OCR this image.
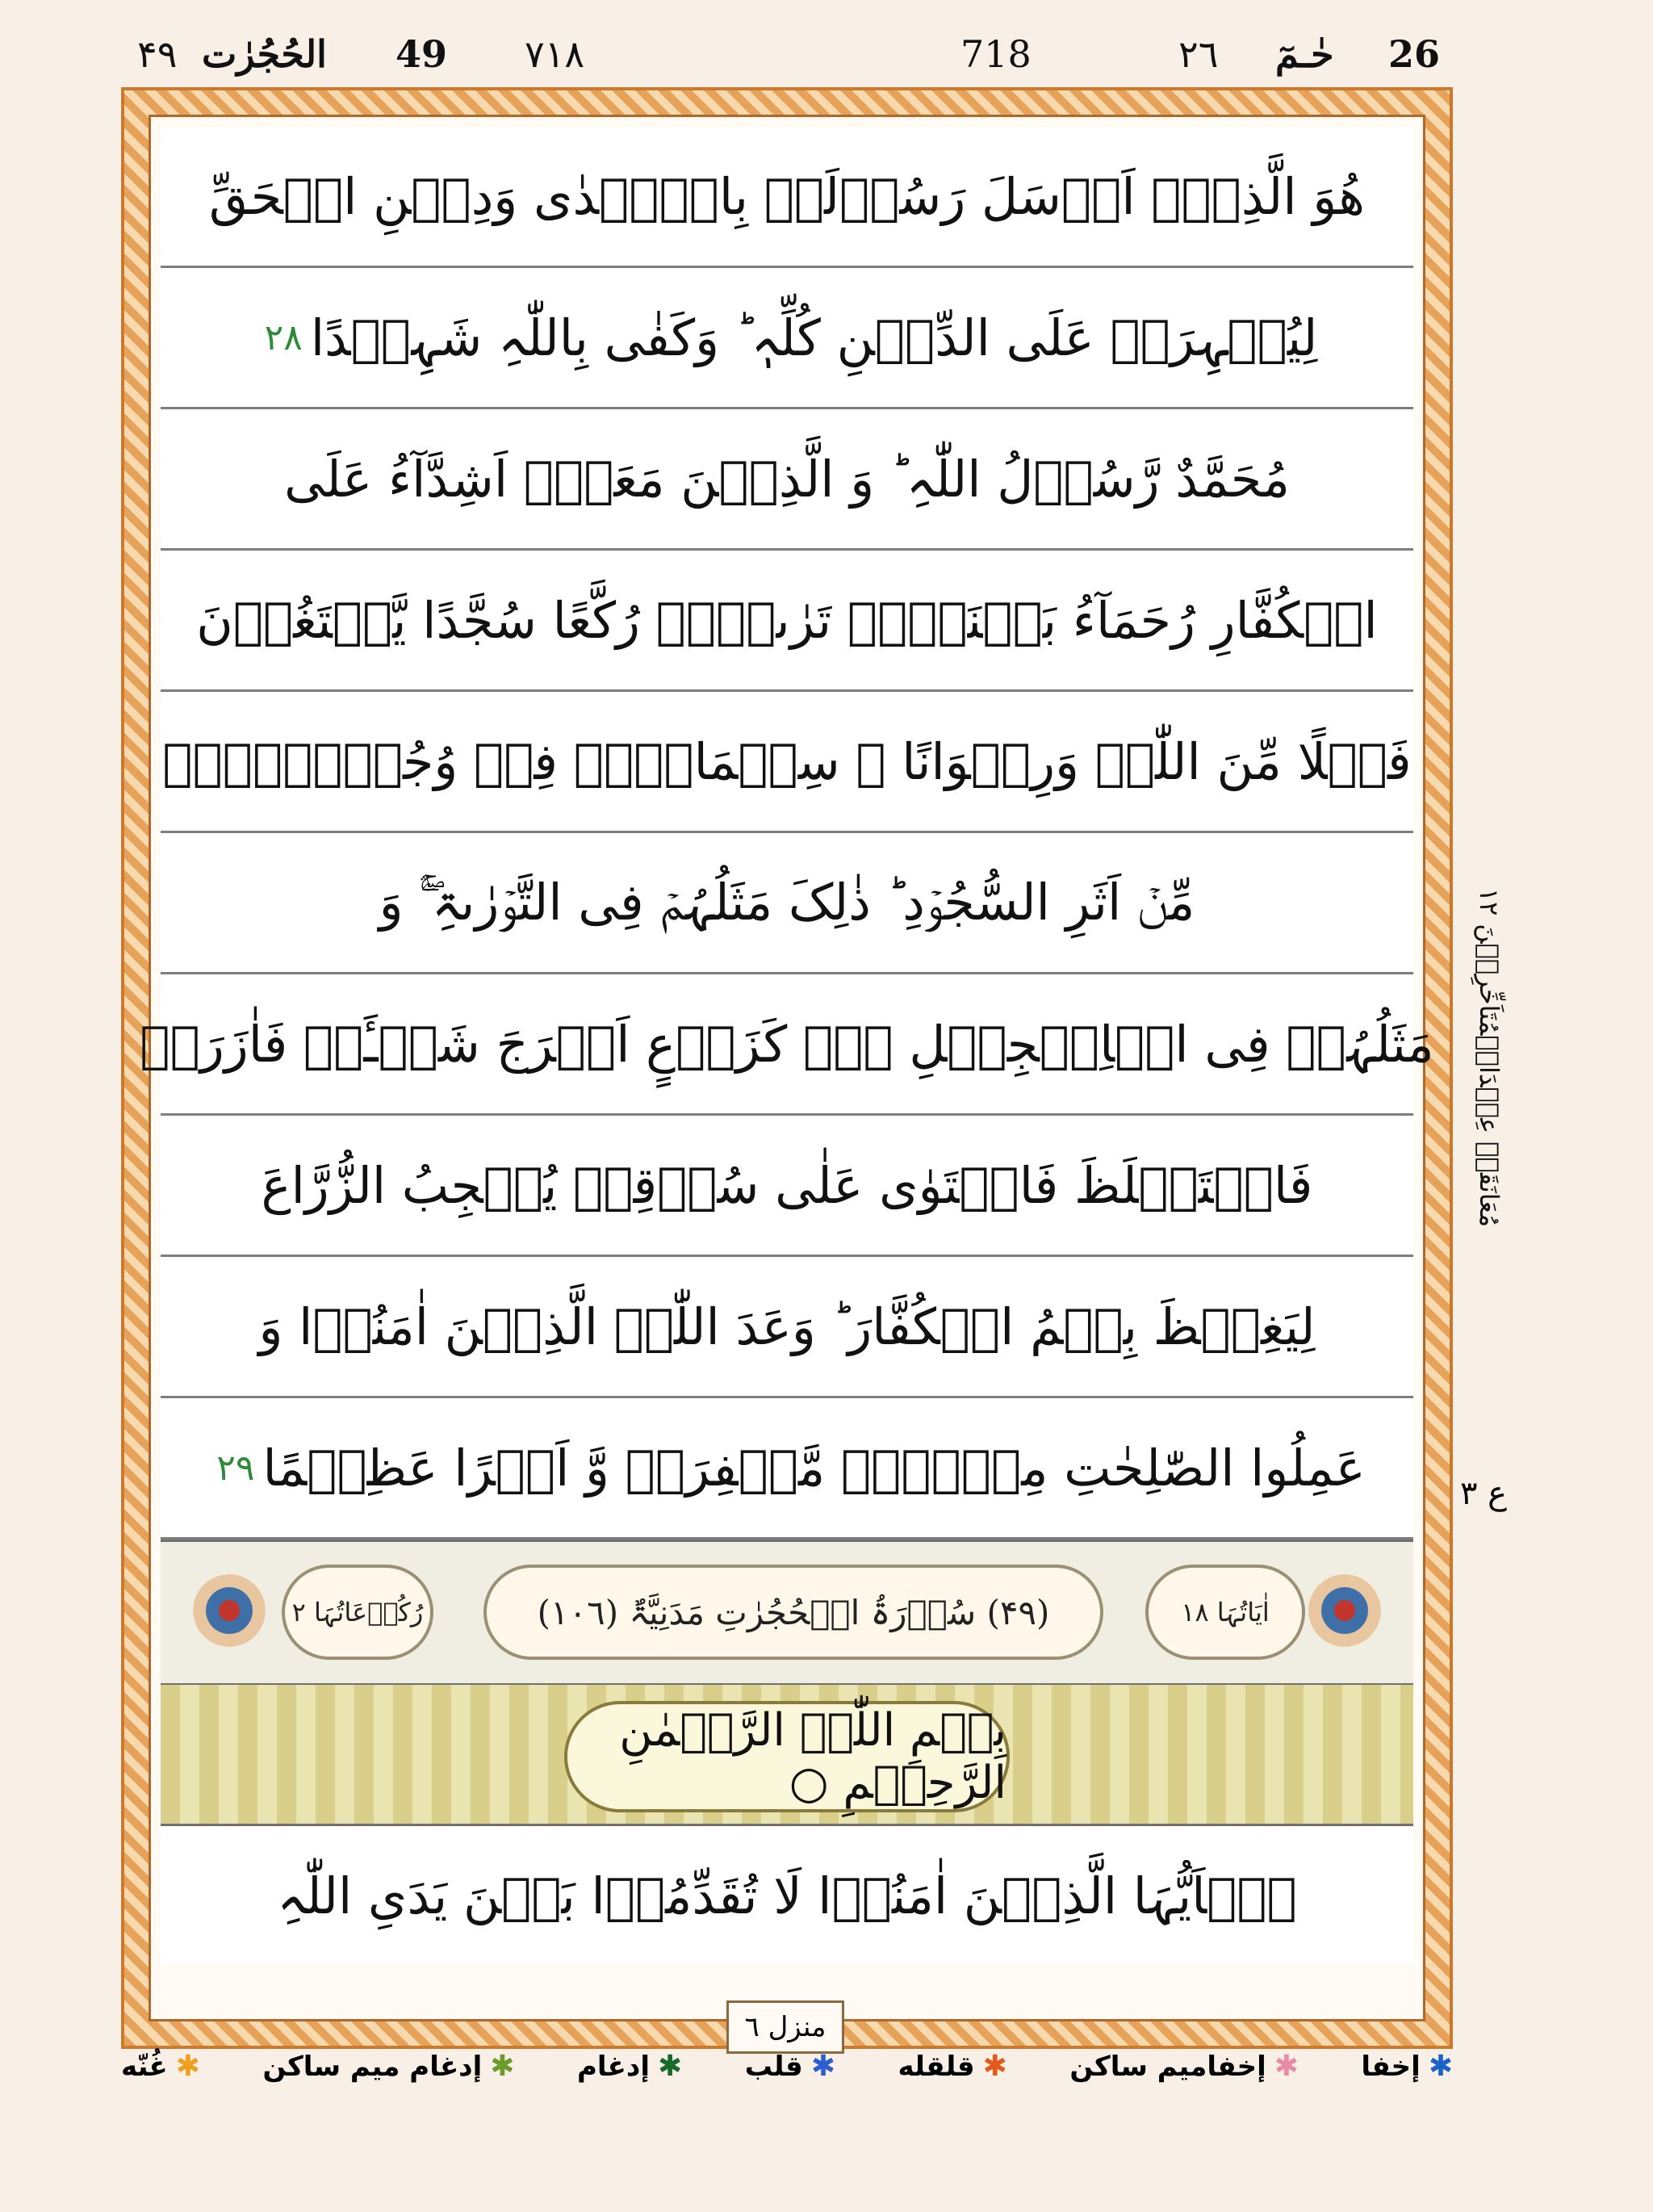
26
حٰـمٓ
۲٦
718
۷۱۸
49
الحُجُرٰت
۴۹
هُوَ الَّذِیۡۤ اَرۡسَلَ رَسُوۡلَہٗ بِالۡہُدٰی وَدِیۡنِ الۡحَقِّ
لِیُظۡہِرَہٗ عَلَی الدِّیۡنِ کُلِّہٖ ؕ وَکَفٰی بِاللّٰہِ شَہِیۡدًا
۲۸
مُحَمَّدٌ رَّسُوۡلُ اللّٰہِ ؕ وَ الَّذِیۡنَ مَعَہٗۤ اَشِدَّآءُ عَلَی
الۡکُفَّارِ رُحَمَآءُ بَیۡنَہُمۡ تَرٰىہُمۡ رُکَّعًا سُجَّدًا یَّبۡتَغُوۡنَ
فَضۡلًا مِّنَ اللّٰہِ وَرِضۡوَانًا ۫ سِیۡمَاہُمۡ فِیۡ وُجُوۡہِہِمۡ
مِّنۡ اَثَرِ السُّجُوۡدِ ؕ ذٰلِکَ مَثَلُہُمۡ فِی التَّوۡرٰىۃِ ۚۖۛ وَ
مَثَلُہُمۡ فِی الۡاِنۡجِیۡلِ ۚ۟ۛ کَزَرۡعٍ اَخۡرَجَ شَطۡـَٔہٗ فَاٰزَرَہٗ
فَاسۡتَغۡلَظَ فَاسۡتَوٰی عَلٰی سُوۡقِہٖ یُعۡجِبُ الزُّرَّاعَ
لِیَغِیۡظَ بِہِمُ الۡکُفَّارَ ؕ وَعَدَ اللّٰہُ الَّذِیۡنَ اٰمَنُوۡا وَ
عَمِلُوا الصّٰلِحٰتِ مِنۡہُمۡ مَّغۡفِرَۃً وَّ اَجۡرًا عَظِیۡمًا
۲۹
رُکُوۡعَاتُہَا ۲	(۴۹) سُوۡرَۃُ الۡحُجُرٰتِ مَدَنِیَّۃٌ (۱۰٦)	اٰیَاتُہَا ۱۸
بِسۡمِ اللّٰہِ الرَّحۡمٰنِ الرَّحِیۡمِ ○
یٰۤاَیُّہَا الَّذِیۡنَ اٰمَنُوۡا لَا تُقَدِّمُوۡا بَیۡنَ یَدَیِ اللّٰہِ
منزل ٦
مُعَانَقَۃٌ عِنۡدَالۡمُتَاَخِّرِیۡنَ ۱۲
ع ٣
✱
إخفا
✱
إخفاميم ساكن
✱
قلقله
✱
قلب
✱
إدغام
✱
إدغام ميم ساكن
✱
غُنّه
